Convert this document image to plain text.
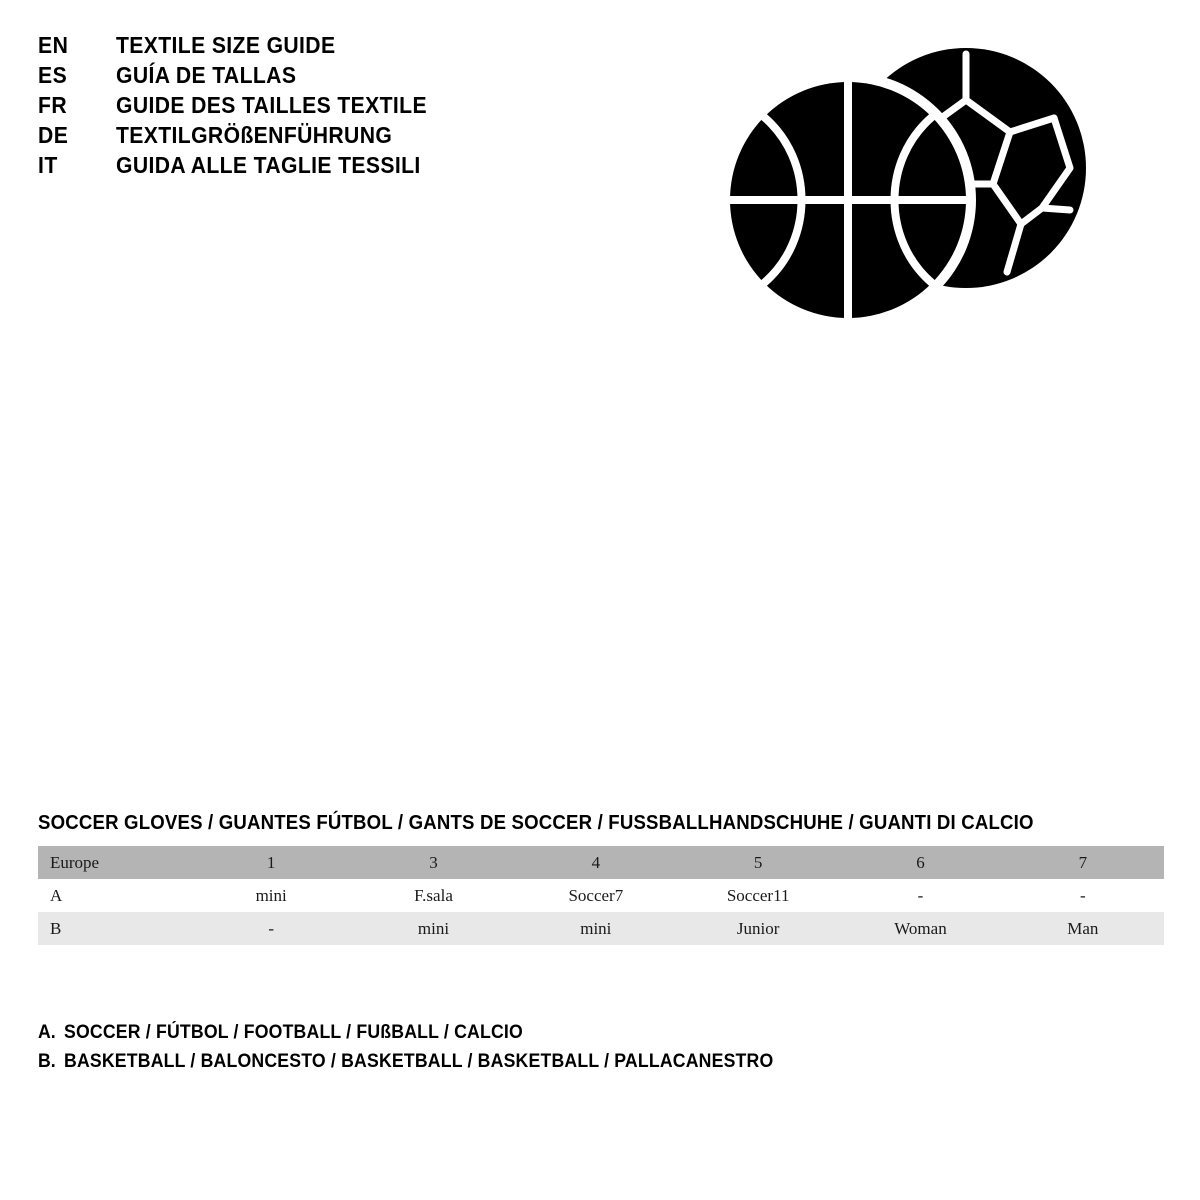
EN	TEXTILE SIZE GUIDE
ES	GUÍA DE TALLAS
FR	GUIDE DES TAILLES TEXTILE
DE	TEXTILGRÖßENFÜHRUNG
IT	GUIDA ALLE TAGLIE TESSILI
SOCCER GLOVES / GUANTES FÚTBOL / GANTS DE SOCCER / FUSSBALLHANDSCHUHE / GUANTI DI CALCIO
Europe	1	3	4	5	6	7
A	mini	F.sala	Soccer7	Soccer11	-	-
B	-	mini	mini	Junior	Woman	Man
A. SOCCER / FÚTBOL / FOOTBALL / FUßBALL / CALCIO
B. BASKETBALL / BALONCESTO / BASKETBALL / BASKETBALL / PALLACANESTRO
